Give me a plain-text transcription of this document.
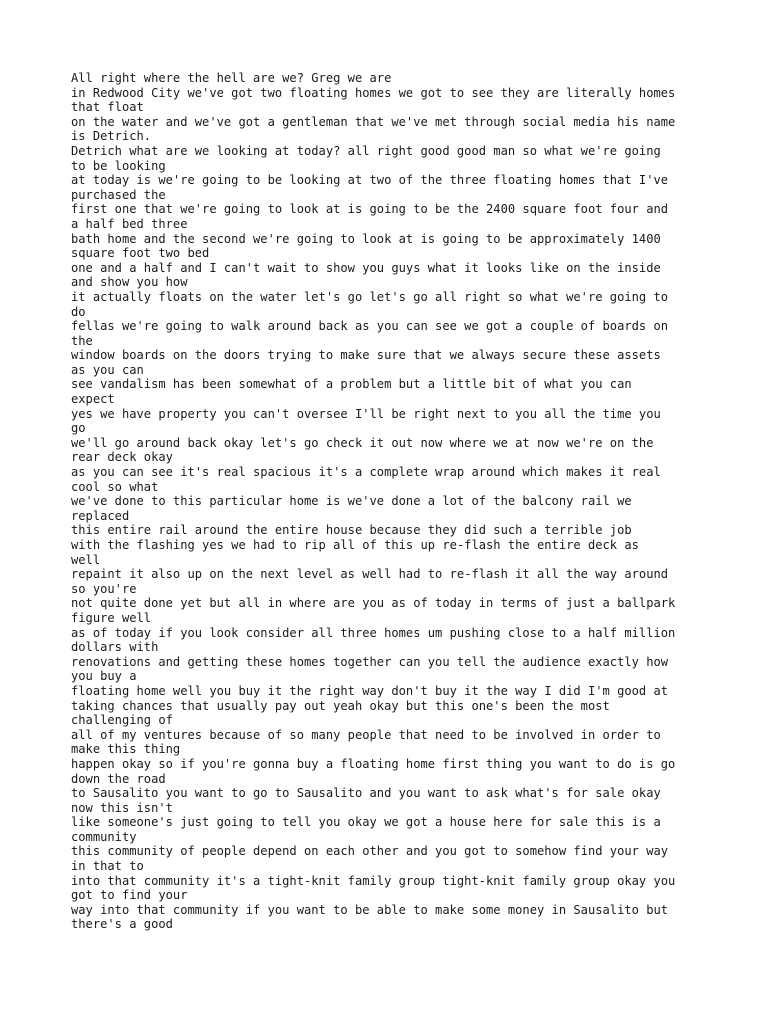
All right where the hell are we? Greg we are
in Redwood City we've got two floating homes we got to see they are literally homes
that float
on the water and we've got a gentleman that we've met through social media his name
is Detrich.
Detrich what are we looking at today? all right good good man so what we're going
to be looking
at today is we're going to be looking at two of the three floating homes that I've
purchased the
first one that we're going to look at is going to be the 2400 square foot four and
a half bed three
bath home and the second we're going to look at is going to be approximately 1400
square foot two bed
one and a half and I can't wait to show you guys what it looks like on the inside
and show you how
it actually floats on the water let's go let's go all right so what we're going to
do
fellas we're going to walk around back as you can see we got a couple of boards on
the
window boards on the doors trying to make sure that we always secure these assets
as you can
see vandalism has been somewhat of a problem but a little bit of what you can
expect
yes we have property you can't oversee I'll be right next to you all the time you
go
we'll go around back okay let's go check it out now where we at now we're on the
rear deck okay
as you can see it's real spacious it's a complete wrap around which makes it real
cool so what
we've done to this particular home is we've done a lot of the balcony rail we
replaced
this entire rail around the entire house because they did such a terrible job
with the flashing yes we had to rip all of this up re-flash the entire deck as
well
repaint it also up on the next level as well had to re-flash it all the way around
so you're
not quite done yet but all in where are you as of today in terms of just a ballpark
figure well
as of today if you look consider all three homes um pushing close to a half million
dollars with
renovations and getting these homes together can you tell the audience exactly how
you buy a
floating home well you buy it the right way don't buy it the way I did I'm good at
taking chances that usually pay out yeah okay but this one's been the most
challenging of
all of my ventures because of so many people that need to be involved in order to
make this thing
happen okay so if you're gonna buy a floating home first thing you want to do is go
down the road
to Sausalito you want to go to Sausalito and you want to ask what's for sale okay
now this isn't
like someone's just going to tell you okay we got a house here for sale this is a
community
this community of people depend on each other and you got to somehow find your way
in that to
into that community it's a tight-knit family group tight-knit family group okay you
got to find your
way into that community if you want to be able to make some money in Sausalito but
there's a good
